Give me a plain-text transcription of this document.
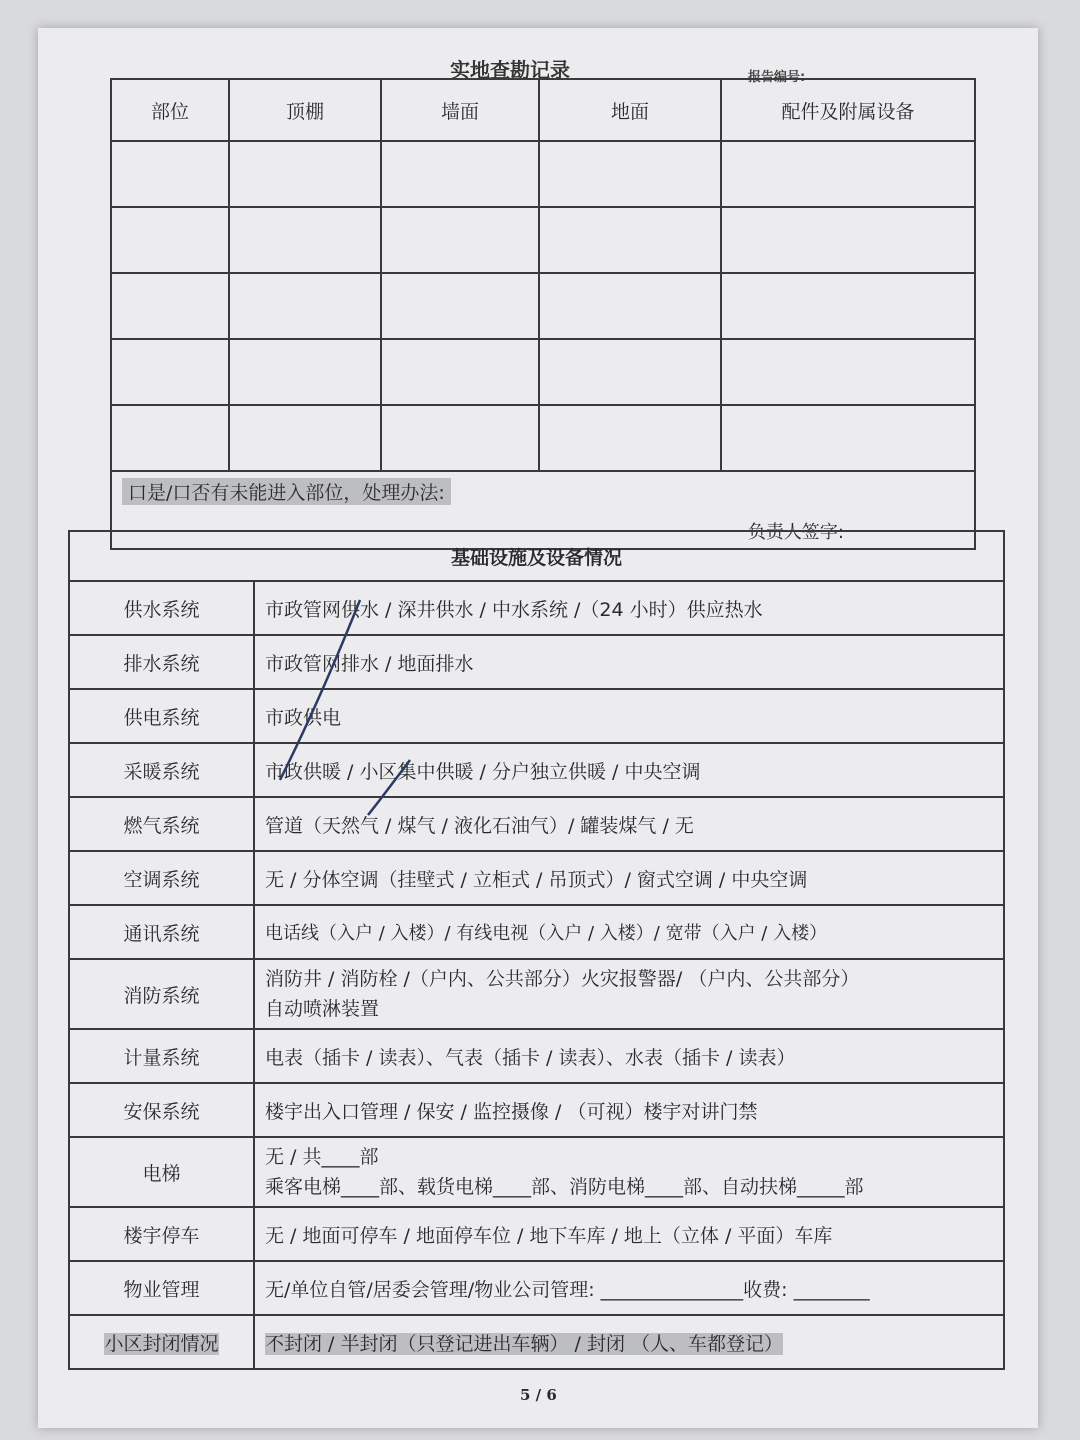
实地查勘记录	报告编号:
部位	顶棚	墙面	地面	配件及附属设备

口是/口否有未能进入部位，处理办法:
负责人签字:				
基础设施及设备情况	
供水系统	市政管网供水 / 深井供水 / 中水系统 /（24 小时）供应热水
排水系统	市政管网排水 / 地面排水
供电系统	市政供电
采暖系统	市政供暖 / 小区集中供暖 / 分户独立供暖 / 中央空调
燃气系统	管道（天然气 / 煤气 / 液化石油气）/ 罐装煤气 / 无
空调系统	无 / 分体空调（挂壁式 / 立柜式 / 吊顶式）/ 窗式空调 / 中央空调
通讯系统	电话线（入户 / 入楼）/ 有线电视（入户 / 入楼）/ 宽带（入户 / 入楼）
消防系统	消防井 / 消防栓 /（户内、公共部分）火灾报警器/ （户内、公共部分）
自动喷淋装置

计量系统	电表（插卡 / 读表）、气表（插卡 / 读表）、水表（插卡 / 读表）
安保系统	楼宇出入口管理 / 保安 / 监控摄像 / （可视）楼宇对讲门禁
电梯	无 / 共____部
乘客电梯____部、载货电梯____部、消防电梯____部、自动扶梯_____部

楼宇停车	无 / 地面可停车 / 地面停车位 / 地下车库 / 地上（立体 / 平面）车库
物业管理	无/单位自管/居委会管理/物业公司管理: _______________收费: ________
小区封闭情况	不封闭 / 半封闭（只登记进出车辆） / 封闭 （人、车都登记）
5 / 6
